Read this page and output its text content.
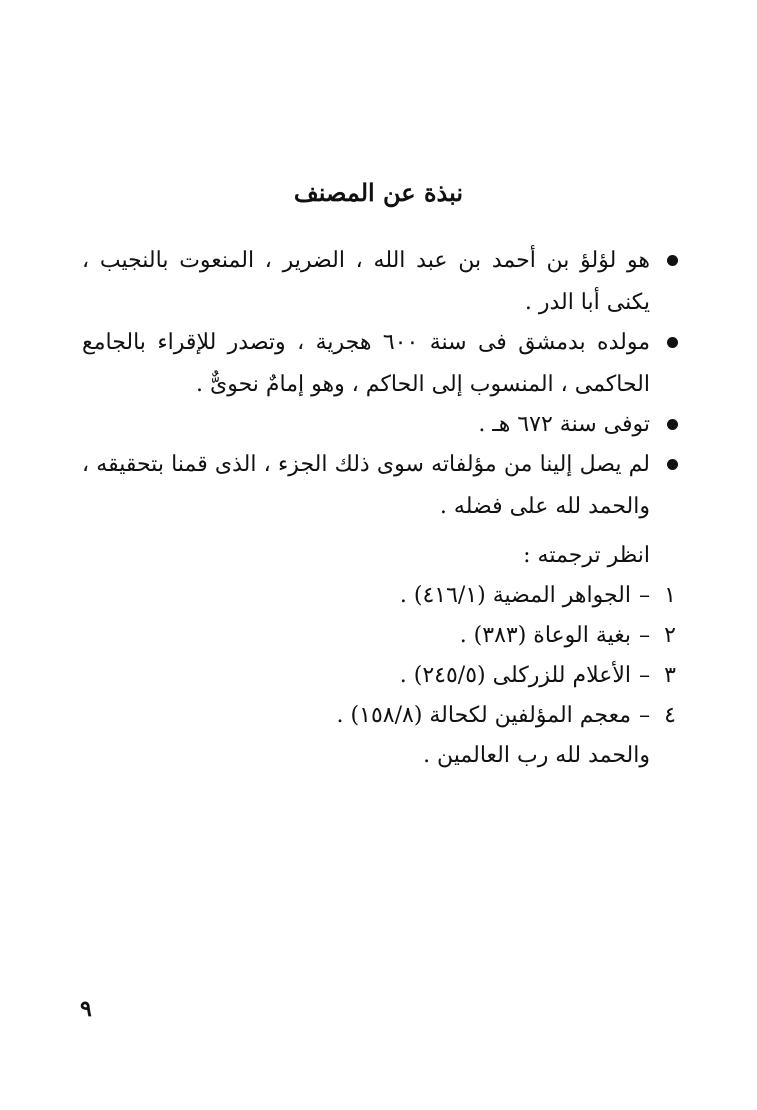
نبذة عن المصنف
هو لؤلؤ بن أحمد بن عبد الله ، الضرير ، المنعوت بالنجيب ، يكنى أبا الدر .
مولده بدمشق فى سنة ٦٠٠ هجرية ، وتصدر للإقراء بالجامع الحاكمى ، المنسوب إلى الحاكم ، وهو إمامٌ نحوىٌّ .
توفى سنة ٦٧٢ هـ .
لم يصل إلينا من مؤلفاته سوى ذلك الجزء ، الذى قمنا بتحقيقه ، والحمد لله على فضله .
انظر ترجمته :
١–الجواهر المضية (٤١٦/١) .
٢–بغية الوعاة (٣٨٣) .
٣–الأعلام للزركلى (٢٤٥/٥) .
٤–معجم المؤلفين لكحالة (١٥٨/٨) .
والحمد لله رب العالمين .
٩
